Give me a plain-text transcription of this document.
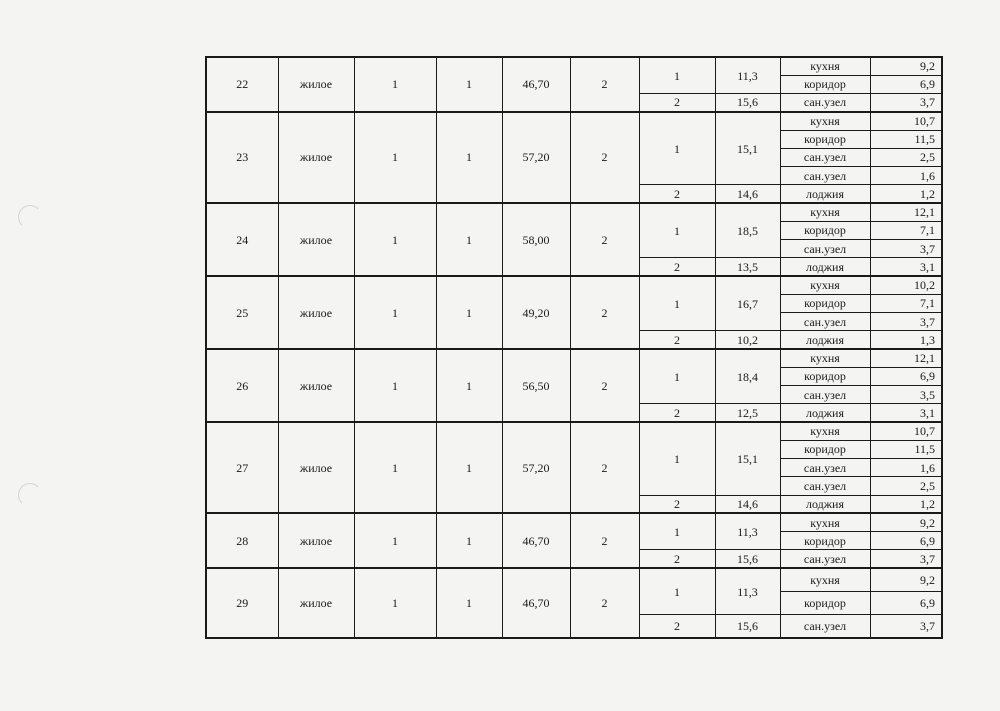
22	жилое	1	1	46,70	2	1	11,3	кухня	9,2
								коридор	6,9
						2	15,6	сан.узел	3,7
23	жилое	1	1	57,20	2	1	15,1	кухня	10,7
								коридор	11,5
								сан.узел	2,5
								сан.узел	1,6
						2	14,6	лоджия	1,2
24	жилое	1	1	58,00	2	1	18,5	кухня	12,1
								коридор	7,1
								сан.узел	3,7
						2	13,5	лоджия	3,1
25	жилое	1	1	49,20	2	1	16,7	кухня	10,2
								коридор	7,1
								сан.узел	3,7
						2	10,2	лоджия	1,3
26	жилое	1	1	56,50	2	1	18,4	кухня	12,1
								коридор	6,9
								сан.узел	3,5
						2	12,5	лоджия	3,1
27	жилое	1	1	57,20	2	1	15,1	кухня	10,7
								коридор	11,5
								сан.узел	1,6
								сан.узел	2,5
						2	14,6	лоджия	1,2
28	жилое	1	1	46,70	2	1	11,3	кухня	9,2
								коридор	6,9
						2	15,6	сан.узел	3,7
29	жилое	1	1	46,70	2	1	11,3	кухня	9,2
								коридор	6,9
						2	15,6	сан.узел	3,7
